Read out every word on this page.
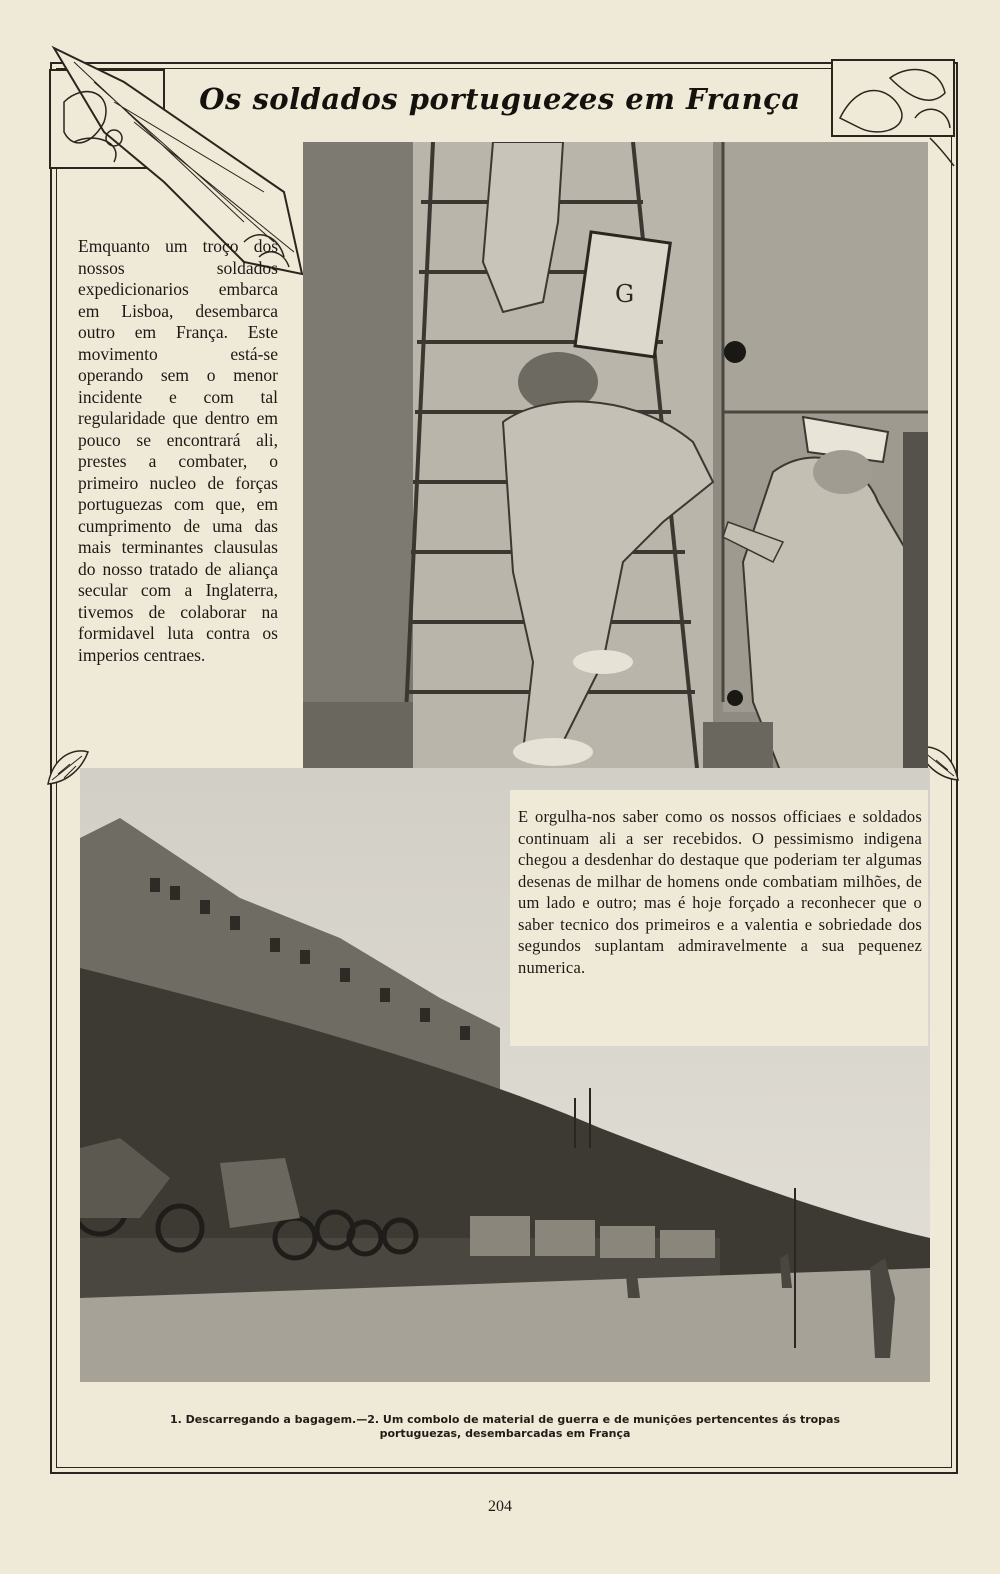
Os soldados portuguezes em França
G
Emquanto um troço dos nossos soldados expedicionarios embarca em Lisboa, desembarca outro em França. Este movimento está-se operando sem o menor incidente e com tal regularidade que dentro em pouco se encontrará ali, prestes a combater, o primeiro nucleo de forças portuguezas com que, em cumprimento de uma das mais terminantes clausulas do nosso tratado de aliança secular com a Inglaterra, tivemos de colaborar na formidavel luta contra os imperios centraes.
E orgulha-nos saber como os nossos officiaes e soldados continuam ali a ser recebidos. O pessimismo indigena chegou a desdenhar do destaque que poderiam ter algumas desenas de milhar de homens onde combatiam milhões, de um lado e outro; mas é hoje forçado a reconhecer que o saber tecnico dos primeiros e a valentia e sobriedade dos segundos suplantam admiravelmente a sua pequenez numerica.
1. Descarregando a bagagem.—2. Um combolo de material de guerra e de munições pertencentes ás tropas
portuguezas, desembarcadas em França
204
